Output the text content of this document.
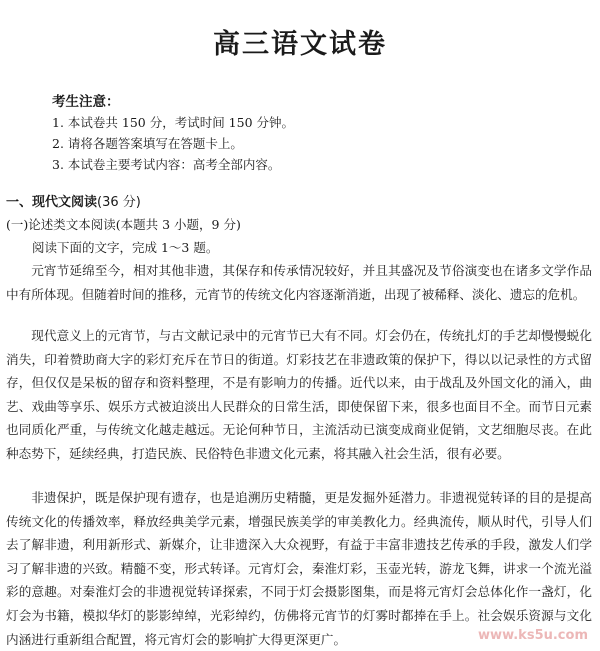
高三语文试卷
考生注意：
1. 本试卷共 150 分，考试时间 150 分钟。
2. 请将各题答案填写在答题卡上。
3. 本试卷主要考试内容：高考全部内容。
一、现代文阅读(36 分)
(一)论述类文本阅读(本题共 3 小题，9 分)
阅读下面的文字，完成 1～3 题。

元宵节延绵至今，相对其他非遗，其保存和传承情况较好，并且其盛况及节俗演变也在诸多文学作品中有所体现。但随着时间的推移，元宵节的传统文化内容逐渐消逝，出现了被稀释、淡化、遗忘的危机。

现代意义上的元宵节，与古文献记录中的元宵节已大有不同。灯会仍在，传统扎灯的手艺却慢慢蜕化消失，印着赞助商大字的彩灯充斥在节日的街道。灯彩技艺在非遗政策的保护下，得以以记录性的方式留存，但仅仅是呆板的留存和资料整理，不是有影响力的传播。近代以来，由于战乱及外国文化的涌入，曲艺、戏曲等享乐、娱乐方式被迫淡出人民群众的日常生活，即使保留下来，很多也面目不全。而节日元素也同质化严重，与传统文化越走越远。无论何种节日，主流活动已演变成商业促销，文艺细胞尽丧。在此种态势下，延续经典，打造民族、民俗特色非遗文化元素，将其融入社会生活，很有必要。

非遗保护，既是保护现有遗存，也是追溯历史精髓，更是发掘外延潜力。非遗视觉转译的目的是提高传统文化的传播效率，释放经典美学元素，增强民族美学的审美教化力。经典流传，顺从时代，引导人们去了解非遗，利用新形式、新媒介，让非遗深入大众视野，有益于丰富非遗技艺传承的手段，激发人们学习了解非遗的兴致。精髓不变，形式转译。元宵灯会，秦淮灯彩，玉壶光转，游龙飞舞，讲求一个流光溢彩的意趣。对秦淮灯会的非遗视觉转译探索，不同于灯会摄影图集，而是将元宵灯会总体化作一盏灯，化灯会为书籍，模拟华灯的影影绰绰，光彩绰约，仿佛将元宵节的灯雾时都捧在手上。社会娱乐资源与文化内涵进行重新组合配置，将元宵灯会的影响扩大得更深更广。	www.ks5u.com
